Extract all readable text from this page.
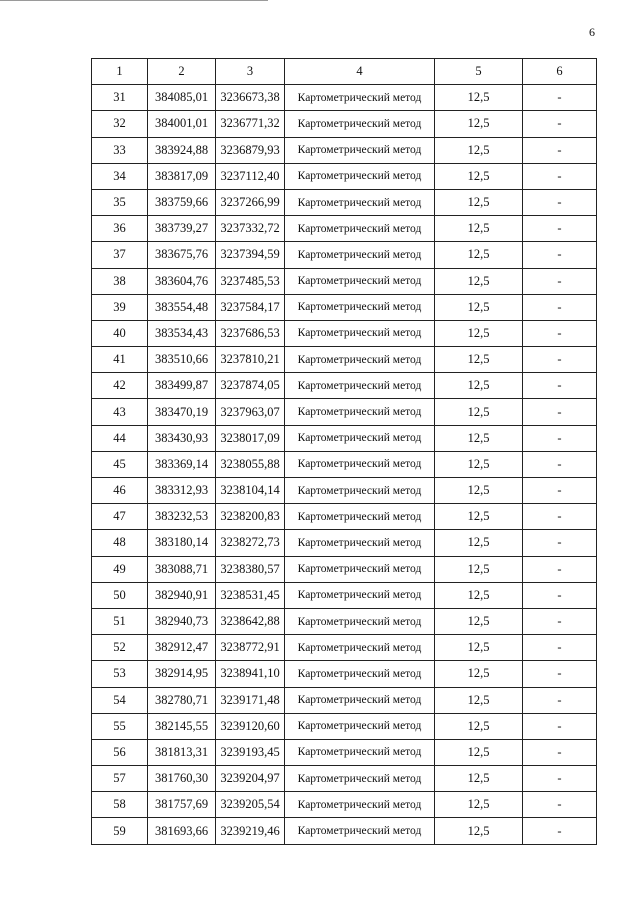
6
1	2	3	4	5	6
31	384085,01	3236673,38	Картометрический метод	12,5	-
32	384001,01	3236771,32	Картометрический метод	12,5	-
33	383924,88	3236879,93	Картометрический метод	12,5	-
34	383817,09	3237112,40	Картометрический метод	12,5	-
35	383759,66	3237266,99	Картометрический метод	12,5	-
36	383739,27	3237332,72	Картометрический метод	12,5	-
37	383675,76	3237394,59	Картометрический метод	12,5	-
38	383604,76	3237485,53	Картометрический метод	12,5	-
39	383554,48	3237584,17	Картометрический метод	12,5	-
40	383534,43	3237686,53	Картометрический метод	12,5	-
41	383510,66	3237810,21	Картометрический метод	12,5	-
42	383499,87	3237874,05	Картометрический метод	12,5	-
43	383470,19	3237963,07	Картометрический метод	12,5	-
44	383430,93	3238017,09	Картометрический метод	12,5	-
45	383369,14	3238055,88	Картометрический метод	12,5	-
46	383312,93	3238104,14	Картометрический метод	12,5	-
47	383232,53	3238200,83	Картометрический метод	12,5	-
48	383180,14	3238272,73	Картометрический метод	12,5	-
49	383088,71	3238380,57	Картометрический метод	12,5	-
50	382940,91	3238531,45	Картометрический метод	12,5	-
51	382940,73	3238642,88	Картометрический метод	12,5	-
52	382912,47	3238772,91	Картометрический метод	12,5	-
53	382914,95	3238941,10	Картометрический метод	12,5	-
54	382780,71	3239171,48	Картометрический метод	12,5	-
55	382145,55	3239120,60	Картометрический метод	12,5	-
56	381813,31	3239193,45	Картометрический метод	12,5	-
57	381760,30	3239204,97	Картометрический метод	12,5	-
58	381757,69	3239205,54	Картометрический метод	12,5	-
59	381693,66	3239219,46	Картометрический метод	12,5	-
